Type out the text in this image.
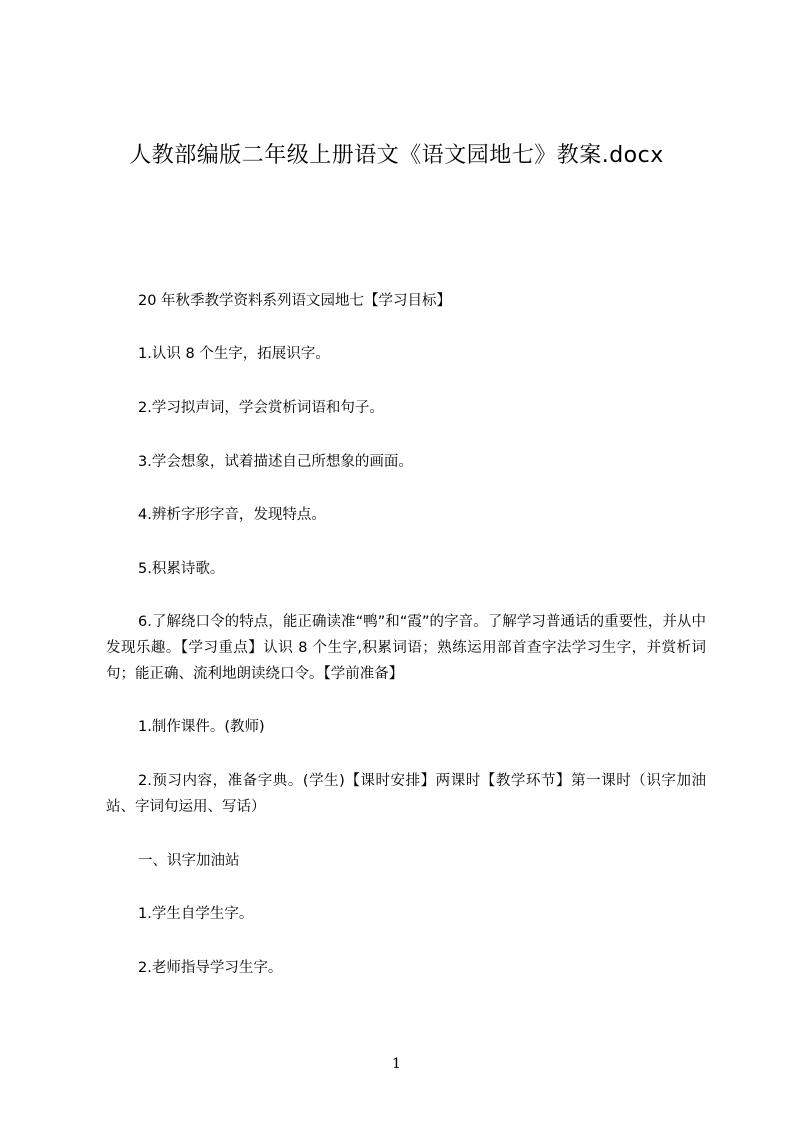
人教部编版二年级上册语文《语文园地七》教案.docx
20 年秋季教学资料系列语文园地七【学习目标】
1.认识 8 个生字，拓展识字。
2.学习拟声词，学会赏析词语和句子。
3.学会想象，试着描述自己所想象的画面。
4.辨析字形字音，发现特点。
5.积累诗歌。
6.了解绕口令的特点，能正确读准“鸭”和“霞”的字音。了解学习普通话的重要性，并从中发现乐趣。【学习重点】认识 8 个生字,积累词语；熟练运用部首查字法学习生字，并赏析词句；能正确、流利地朗读绕口令。【学前准备】
1.制作课件。(教师)
2.预习内容，准备字典。(学生)【课时安排】两课时【教学环节】第一课时（识字加油站、字词句运用、写话）
一、识字加油站
1.学生自学生字。
2.老师指导学习生字。
1
